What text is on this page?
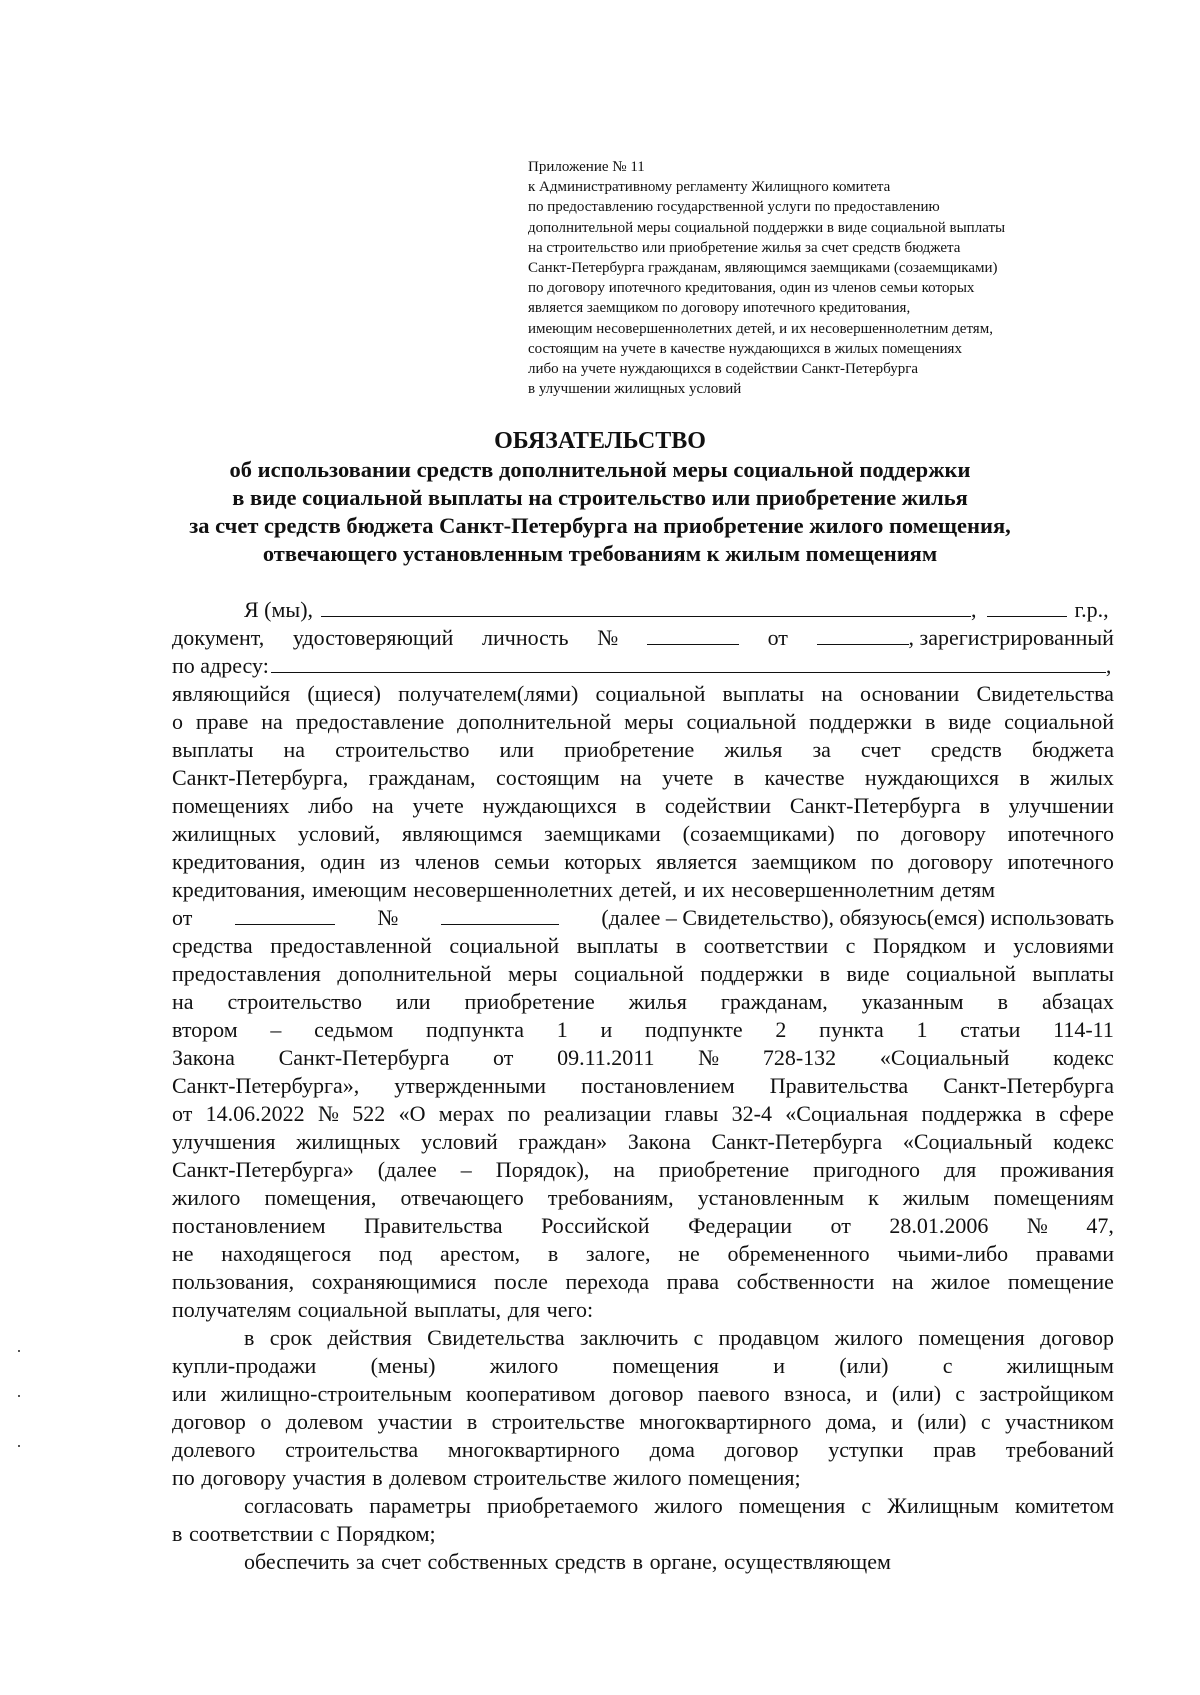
Приложение № 11
к Административному регламенту Жилищного комитета
по предоставлению государственной услуги по предоставлению
дополнительной меры социальной поддержки в виде социальной выплаты
на строительство или приобретение жилья за счет средств бюджета
Санкт-Петербурга гражданам, являющимся заемщиками (созаемщиками)
по договору ипотечного кредитования, один из членов семьи которых
является заемщиком по договору ипотечного кредитования,
имеющим несовершеннолетних детей, и их несовершеннолетним детям,
состоящим на учете в качестве нуждающихся в жилых помещениях
либо на учете нуждающихся в содействии Санкт-Петербурга
в улучшении жилищных условий
ОБЯЗАТЕЛЬСТВО
об использовании средств дополнительной меры социальной поддержки
в виде социальной выплаты на строительство или приобретение жилья
за счет средств бюджета Санкт-Петербурга на приобретение жилого помещения,
отвечающего установленным требованиям к жилым помещениям
Я (мы),	,	г.р.,
документ, удостоверяющий личность №	от	, зарегистрированный
по адресу:	,
являющийся (щиеся) получателем(лями) социальной выплаты на основании Свидетельства
о праве на предоставление дополнительной меры социальной поддержки в виде социальной
выплаты на строительство или приобретение жилья за счет средств бюджета
Санкт-Петербурга, гражданам, состоящим на учете в качестве нуждающихся в жилых
помещениях либо на учете нуждающихся в содействии Санкт-Петербурга в улучшении
жилищных условий, являющимся заемщиками (созаемщиками) по договору ипотечного
кредитования, один из членов семьи которых является заемщиком по договору ипотечного
кредитования, имеющим несовершеннолетних детей, и их несовершеннолетним детям
от	№	(далее – Свидетельство), обязуюсь(емся) использовать
средства предоставленной социальной выплаты в соответствии с Порядком и условиями
предоставления дополнительной меры социальной поддержки в виде социальной выплаты
на строительство или приобретение жилья гражданам, указанным в абзацах
втором – седьмом подпункта 1 и подпункте 2 пункта 1 статьи 114-11
Закона Санкт-Петербурга от 09.11.2011 № 728-132 «Социальный кодекс
Санкт-Петербурга», утвержденными постановлением Правительства Санкт-Петербурга
от 14.06.2022 № 522 «О мерах по реализации главы 32-4 «Социальная поддержка в сфере
улучшения жилищных условий граждан» Закона Санкт-Петербурга «Социальный кодекс
Санкт-Петербурга» (далее – Порядок), на приобретение пригодного для проживания
жилого помещения, отвечающего требованиям, установленным к жилым помещениям
постановлением Правительства Российской Федерации от 28.01.2006 № 47,
не находящегося под арестом, в залоге, не обремененного чьими-либо правами
пользования, сохраняющимися после перехода права собственности на жилое помещение
получателям социальной выплаты, для чего:
в срок действия Свидетельства заключить с продавцом жилого помещения договор
купли-продажи (мены) жилого помещения и (или) с жилищным
или жилищно-строительным кооперативом договор паевого взноса, и (или) с застройщиком
договор о долевом участии в строительстве многоквартирного дома, и (или) с участником
долевого строительства многоквартирного дома договор уступки прав требований
по договору участия в долевом строительстве жилого помещения;
согласовать параметры приобретаемого жилого помещения с Жилищным комитетом
в соответствии с Порядком;
обеспечить за счет собственных средств в органе, осуществляющем
